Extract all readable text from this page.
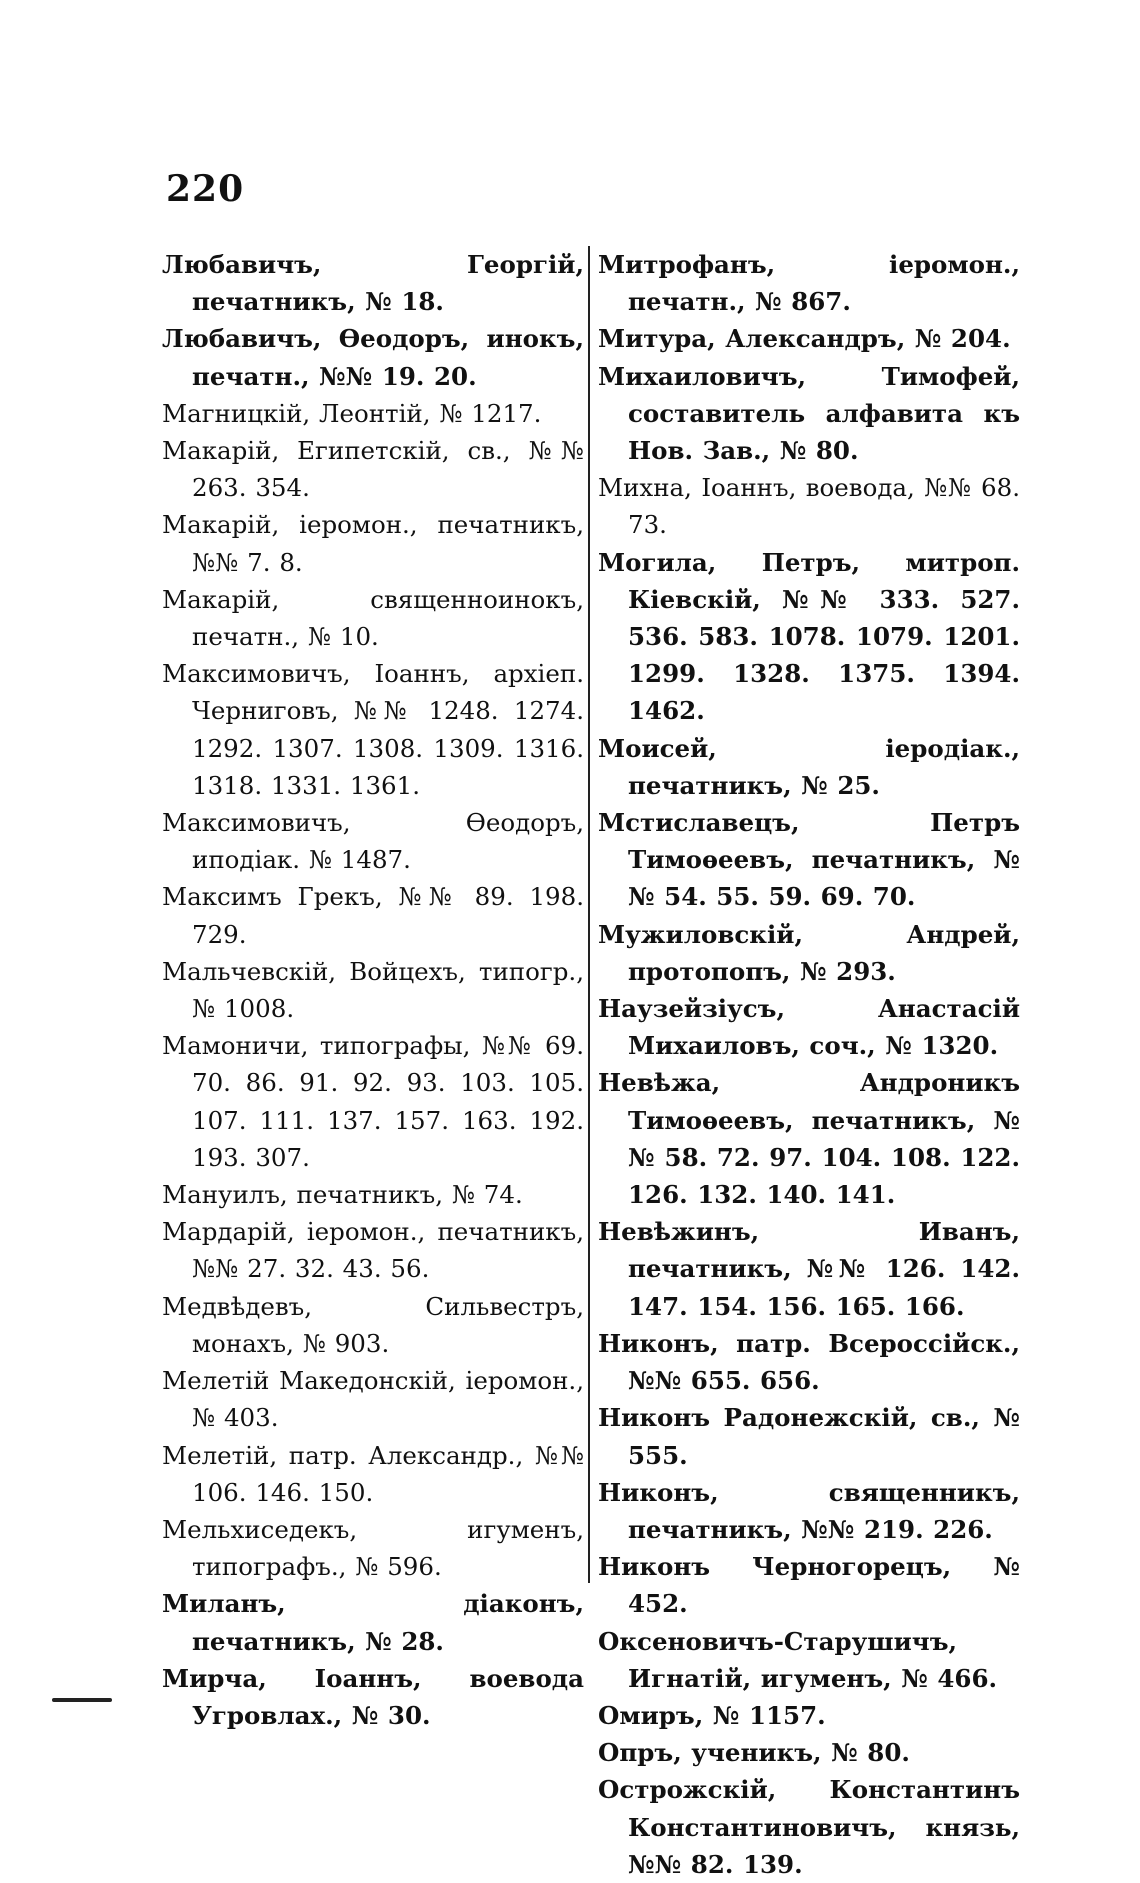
220

Любавичъ, Георгій, печатникъ, № 18.

Любавичъ, Ѳеодоръ, инокъ, печатн., №№ 19. 20.

Магницкій, Леонтій, № 1217.

Макарій, Египетскій, св., №№ 263. 354.

Макарій, іеромон., печатникъ, №№ 7. 8.

Макарій, священноинокъ, печатн., № 10.

Максимовичъ, Іоаннъ, архіеп. Черниговъ, №№ 1248. 1274. 1292. 1307. 1308. 1309. 1316. 1318. 1331. 1361.

Максимовичъ, Ѳеодоръ, иподіак. № 1487.

Максимъ Грекъ, №№ 89. 198. 729.

Мальчевскій, Войцехъ, типогр., № 1008.

Мамоничи, типографы, №№ 69. 70. 86. 91. 92. 93. 103. 105. 107. 111. 137. 157. 163. 192. 193. 307.

Мануилъ, печатникъ, № 74.

Мардарій, іеромон., печатникъ, №№ 27. 32. 43. 56.

Медвѣдевъ, Сильвестръ, монахъ, № 903.

Мелетій Македонскій, іеромон., № 403.

Мелетій, патр. Александр., №№ 106. 146. 150.

Мельхиседекъ, игуменъ, типографъ., № 596.

Миланъ, діаконъ, печатникъ, № 28.

Мирча, Іоаннъ, воевода Угровлах., № 30.

Митрофанъ, іеромон., печатн., № 867.

Митура, Александръ, № 204.

Михаиловичъ, Тимофей, составитель алфавита къ Нов. Зав., № 80.

Михна, Іоаннъ, воевода, №№ 68. 73.

Могила, Петръ, митроп. Кіевскій, №№ 333. 527. 536. 583. 1078. 1079. 1201. 1299. 1328. 1375. 1394. 1462.

Моисей, іеродіак., печатникъ, № 25.

Мстиславецъ, Петръ Тимоѳеевъ, печатникъ, №№ 54. 55. 59. 69. 70.

Мужиловскій, Андрей, протопопъ, № 293.

Наузейзіусъ, Анастасій Михаиловъ, соч., № 1320.

Невѣжа, Андроникъ Тимоѳеевъ, печатникъ, №№ 58. 72. 97. 104. 108. 122. 126. 132. 140. 141.

Невѣжинъ, Иванъ, печатникъ, №№ 126. 142. 147. 154. 156. 165. 166.

Никонъ, патр. Всероссійск., №№ 655. 656.

Никонъ Радонежскій, св., № 555.

Никонъ, священникъ, печатникъ, №№ 219. 226.

Никонъ Черногорецъ, № 452.

Оксеновичъ-Старушичъ, Игнатій, игуменъ, № 466.

Омиръ, № 1157.

Опръ, ученикъ, № 80.

Острожскій, Константинъ Константиновичъ, князь, №№ 82. 139.
